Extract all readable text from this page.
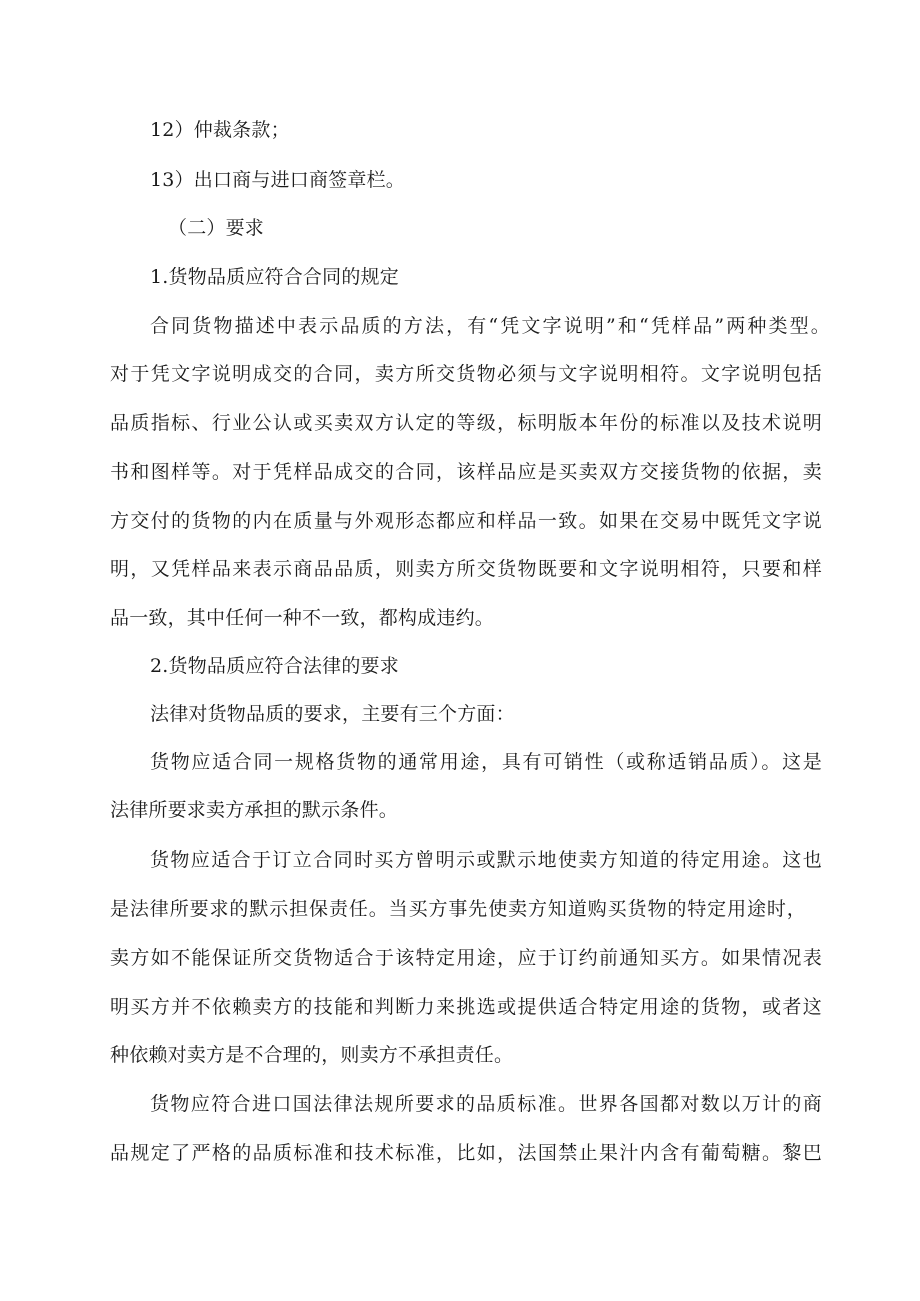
12）仲裁条款；
13）出口商与进口商签章栏。
（二）要求
1.货物品质应符合合同的规定
合同货物描述中表示品质的方法，有“凭文字说明”和“凭样品”两种类型。
对于凭文字说明成交的合同，卖方所交货物必须与文字说明相符。文字说明包括
品质指标、行业公认或买卖双方认定的等级，标明版本年份的标准以及技术说明
书和图样等。对于凭样品成交的合同，该样品应是买卖双方交接货物的依据，卖
方交付的货物的内在质量与外观形态都应和样品一致。如果在交易中既凭文字说
明，又凭样品来表示商品品质，则卖方所交货物既要和文字说明相符，只要和样
品一致，其中任何一种不一致，都构成违约。
2.货物品质应符合法律的要求
法律对货物品质的要求，主要有三个方面：
货物应适合同一规格货物的通常用途，具有可销性（或称适销品质）。这是
法律所要求卖方承担的默示条件。
货物应适合于订立合同时买方曾明示或默示地使卖方知道的待定用途。这也
是法律所要求的默示担保责任。当买方事先使卖方知道购买货物的特定用途时，
卖方如不能保证所交货物适合于该特定用途，应于订约前通知买方。如果情况表
明买方并不依赖卖方的技能和判断力来挑选或提供适合特定用途的货物，或者这
种依赖对卖方是不合理的，则卖方不承担责任。
货物应符合进口国法律法规所要求的品质标准。世界各国都对数以万计的商
品规定了严格的品质标准和技术标准，比如，法国禁止果汁内含有葡萄糖。黎巴
